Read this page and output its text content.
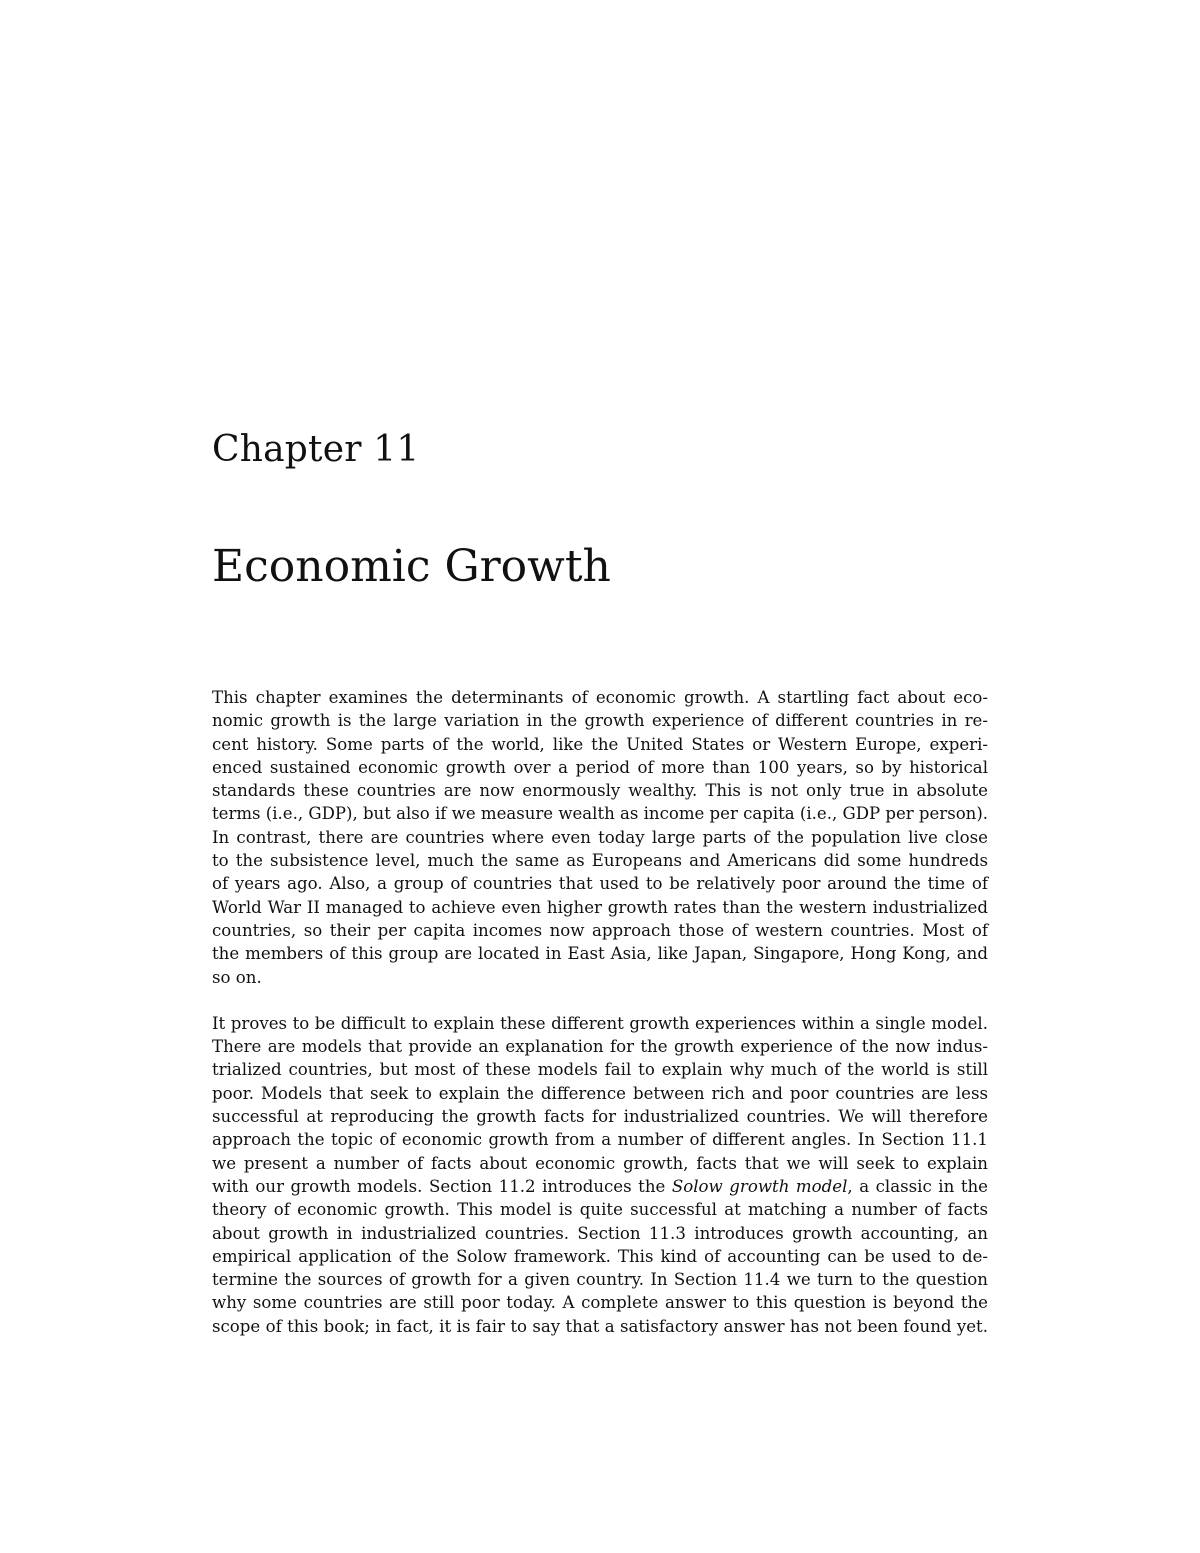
Chapter 11
Economic Growth

This chapter examines the determinants of economic growth. A startling fact about eco-
nomic growth is the large variation in the growth experience of different countries in re-
cent history. Some parts of the world, like the United States or Western Europe, experi-
enced sustained economic growth over a period of more than 100 years, so by historical
standards these countries are now enormously wealthy. This is not only true in absolute
terms (i.e., GDP), but also if we measure wealth as income per capita (i.e., GDP per person).
In contrast, there are countries where even today large parts of the population live close
to the subsistence level, much the same as Europeans and Americans did some hundreds
of years ago. Also, a group of countries that used to be relatively poor around the time of
World War II managed to achieve even higher growth rates than the western industrialized
countries, so their per capita incomes now approach those of western countries. Most of
the members of this group are located in East Asia, like Japan, Singapore, Hong Kong, and
so on.

It proves to be difficult to explain these different growth experiences within a single model.
There are models that provide an explanation for the growth experience of the now indus-
trialized countries, but most of these models fail to explain why much of the world is still
poor. Models that seek to explain the difference between rich and poor countries are less
successful at reproducing the growth facts for industrialized countries. We will therefore
approach the topic of economic growth from a number of different angles. In Section 11.1
we present a number of facts about economic growth, facts that we will seek to explain
with our growth models. Section 11.2 introduces the Solow growth model, a classic in the
theory of economic growth. This model is quite successful at matching a number of facts
about growth in industrialized countries. Section 11.3 introduces growth accounting, an
empirical application of the Solow framework. This kind of accounting can be used to de-
termine the sources of growth for a given country. In Section 11.4 we turn to the question
why some countries are still poor today. A complete answer to this question is beyond the
scope of this book; in fact, it is fair to say that a satisfactory answer has not been found yet.
